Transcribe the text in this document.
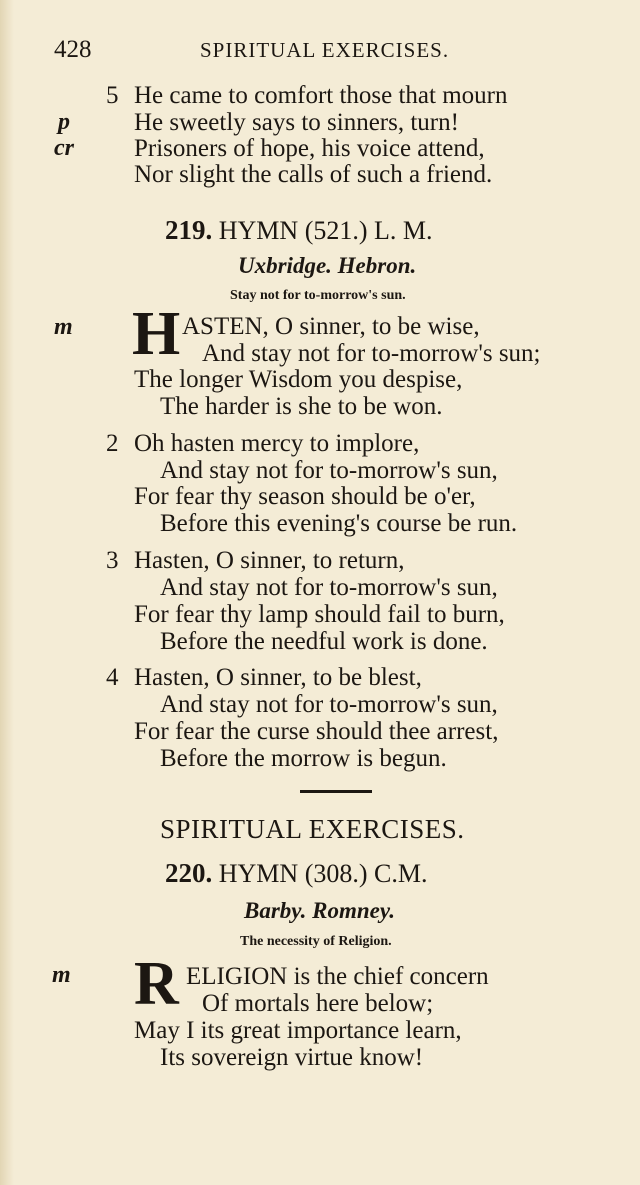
428	SPIRITUAL EXERCISES.
5 He came to comfort those that mourn
p	He sweetly says to sinners, turn!
cr Prisoners of hope, his voice attend,
Nor slight the calls of such a friend.
219. HYMN (521.) L. M.
Uxbridge. Hebron.
Stay not for to-morrow's sun.
m H ASTEN, O sinner, to be wise,
And stay not for to-morrow's sun;
The longer Wisdom you despise,
The harder is she to be won.
2 Oh hasten mercy to implore,
And stay not for to-morrow's sun,
For fear thy season should be o'er,
Before this evening's course be run.
3 Hasten, O sinner, to return,
And stay not for to-morrow's sun,
For fear thy lamp should fail to burn,
Before the needful work is done.
4 Hasten, O sinner, to be blest,
And stay not for to-morrow's sun,
For fear the curse should thee arrest,
Before the morrow is begun.
SPIRITUAL EXERCISES.
220. HYMN (308.) C.M.
Barby. Romney.
The necessity of Religion.
m R ELIGION is the chief concern
Of mortals here below;
May I its great importance learn,
Its sovereign virtue know!
